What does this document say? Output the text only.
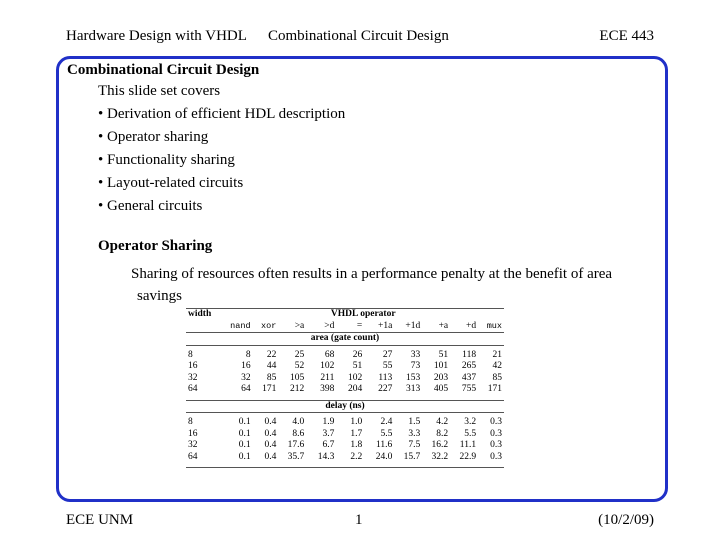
Hardware Design with VHDL Combinational Circuit Design	ECE 443
Combinational Circuit Design
This slide set covers
• Derivation of efficient HDL description
• Operator sharing
• Functionality sharing
• Layout-related circuits
• General circuits
Operator Sharing
Sharing of resources often results in a performance penalty at the benefit of area
savings
width	VHDL operator									
	nand	xor	>a	>d	=	+1a	+1d	+a	+d	mux
area (gate count)										

8	8	22	25	68	26	27	33	51	118	21
16	16	44	52	102	51	55	73	101	265	42
32	32	85	105	211	102	113	153	203	437	85
64	64	171	212	398	204	227	313	405	755	171

delay (ns)										

8	0.1	0.4	4.0	1.9	1.0	2.4	1.5	4.2	3.2	0.3
16	0.1	0.4	8.6	3.7	1.7	5.5	3.3	8.2	5.5	0.3
32	0.1	0.4	17.6	6.7	1.8	11.6	7.5	16.2	11.1	0.3
64	0.1	0.4	35.7	14.3	2.2	24.0	15.7	32.2	22.9	0.3

ECE UNM	1	(10/2/09)
